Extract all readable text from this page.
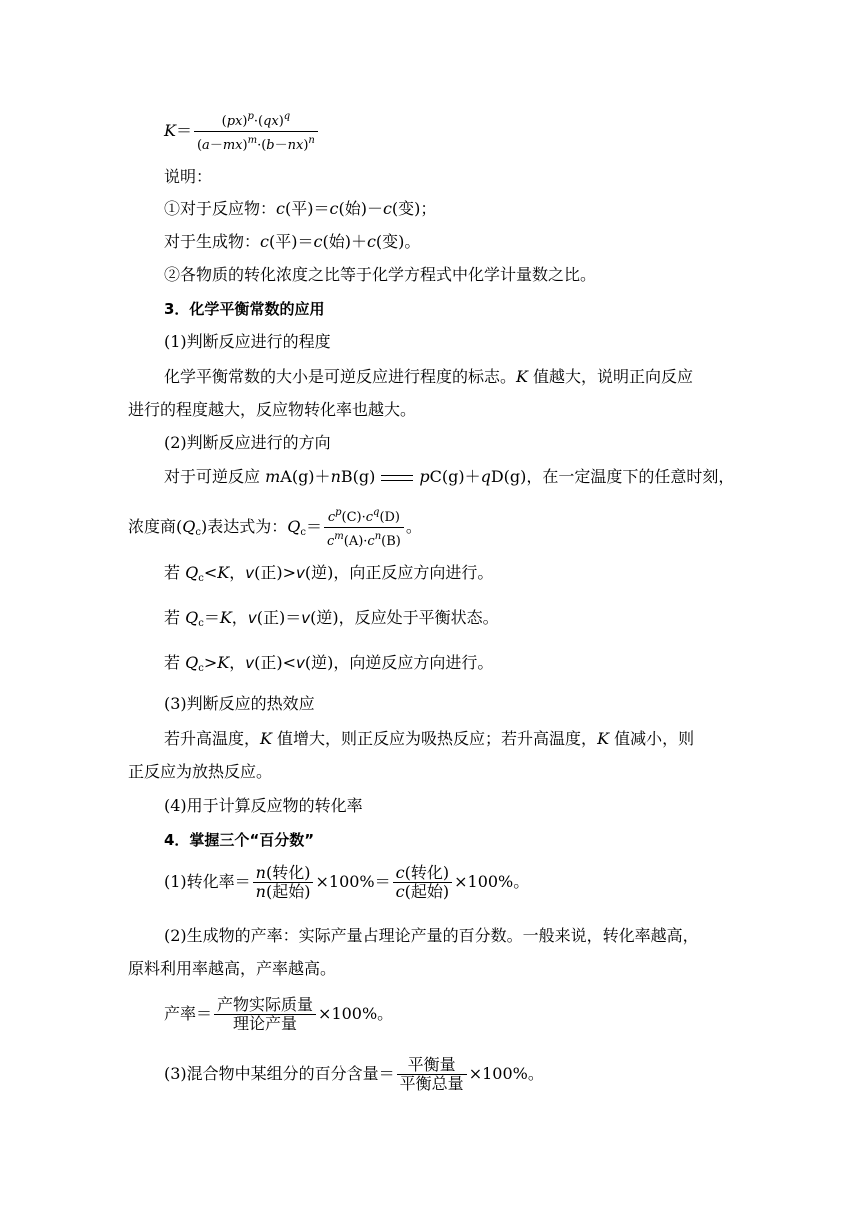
$K= \frac{(px)^p\cdot(qx)^q}{(a-mx)^m\cdot(b-nx)^n}$
说明：
①对于反应物：c(平)＝c(始)－c(变)；
对于生成物：c(平)＝c(始)＋c(变)。
②各物质的转化浓度之比等于化学方程式中化学计量数之比。
3．化学平衡常数的应用
(1)判断反应进行的程度
化学平衡常数的大小是可逆反应进行程度的标志。K 值越大，说明正向反应
进行的程度越大，反应物转化率也越大。
(2)判断反应进行的方向
对于可逆反应 mA(g)＋nB(g)	pC(g)＋qD(g)，在一定温度下的任意时刻，
浓度商$(Q_c)$表达式为：$Q_c= \frac{c^p(C)\cdot c^q(D)}{c^m(A)\cdot c^n(B)}$ 。
若 $Q_c<K$，v(正)>v(逆)，向正反应方向进行。
若 $Q_c=K$，v(正)＝v(逆)，反应处于平衡状态。
若 $Q_c>K$，v(正)<v(逆)，向逆反应方向进行。
(3)判断反应的热效应
若升高温度，K 值增大，则正反应为吸热反应；若升高温度，K 值减小，则
正反应为放热反应。
(4)用于计算反应物的转化率
4．掌握三个“百分数”
(1)转化率＝ $\frac{\text{n(转化)}}{\text{n(起始)}} \times 100\%= \frac{\text{c(转化)}}{\text{c(起始)}} \times 100\%$。
(2)生成物的产率：实际产量占理论产量的百分数。一般来说，转化率越高，
原料利用率越高，产率越高。
产率＝ $\frac{\text{产物实际质量}}{\text{理论产量}} \times 100\%$。
(3)混合物中某组分的百分含量＝ $\frac{\text{平衡量}}{\text{平衡总量}} \times 100\%$。
